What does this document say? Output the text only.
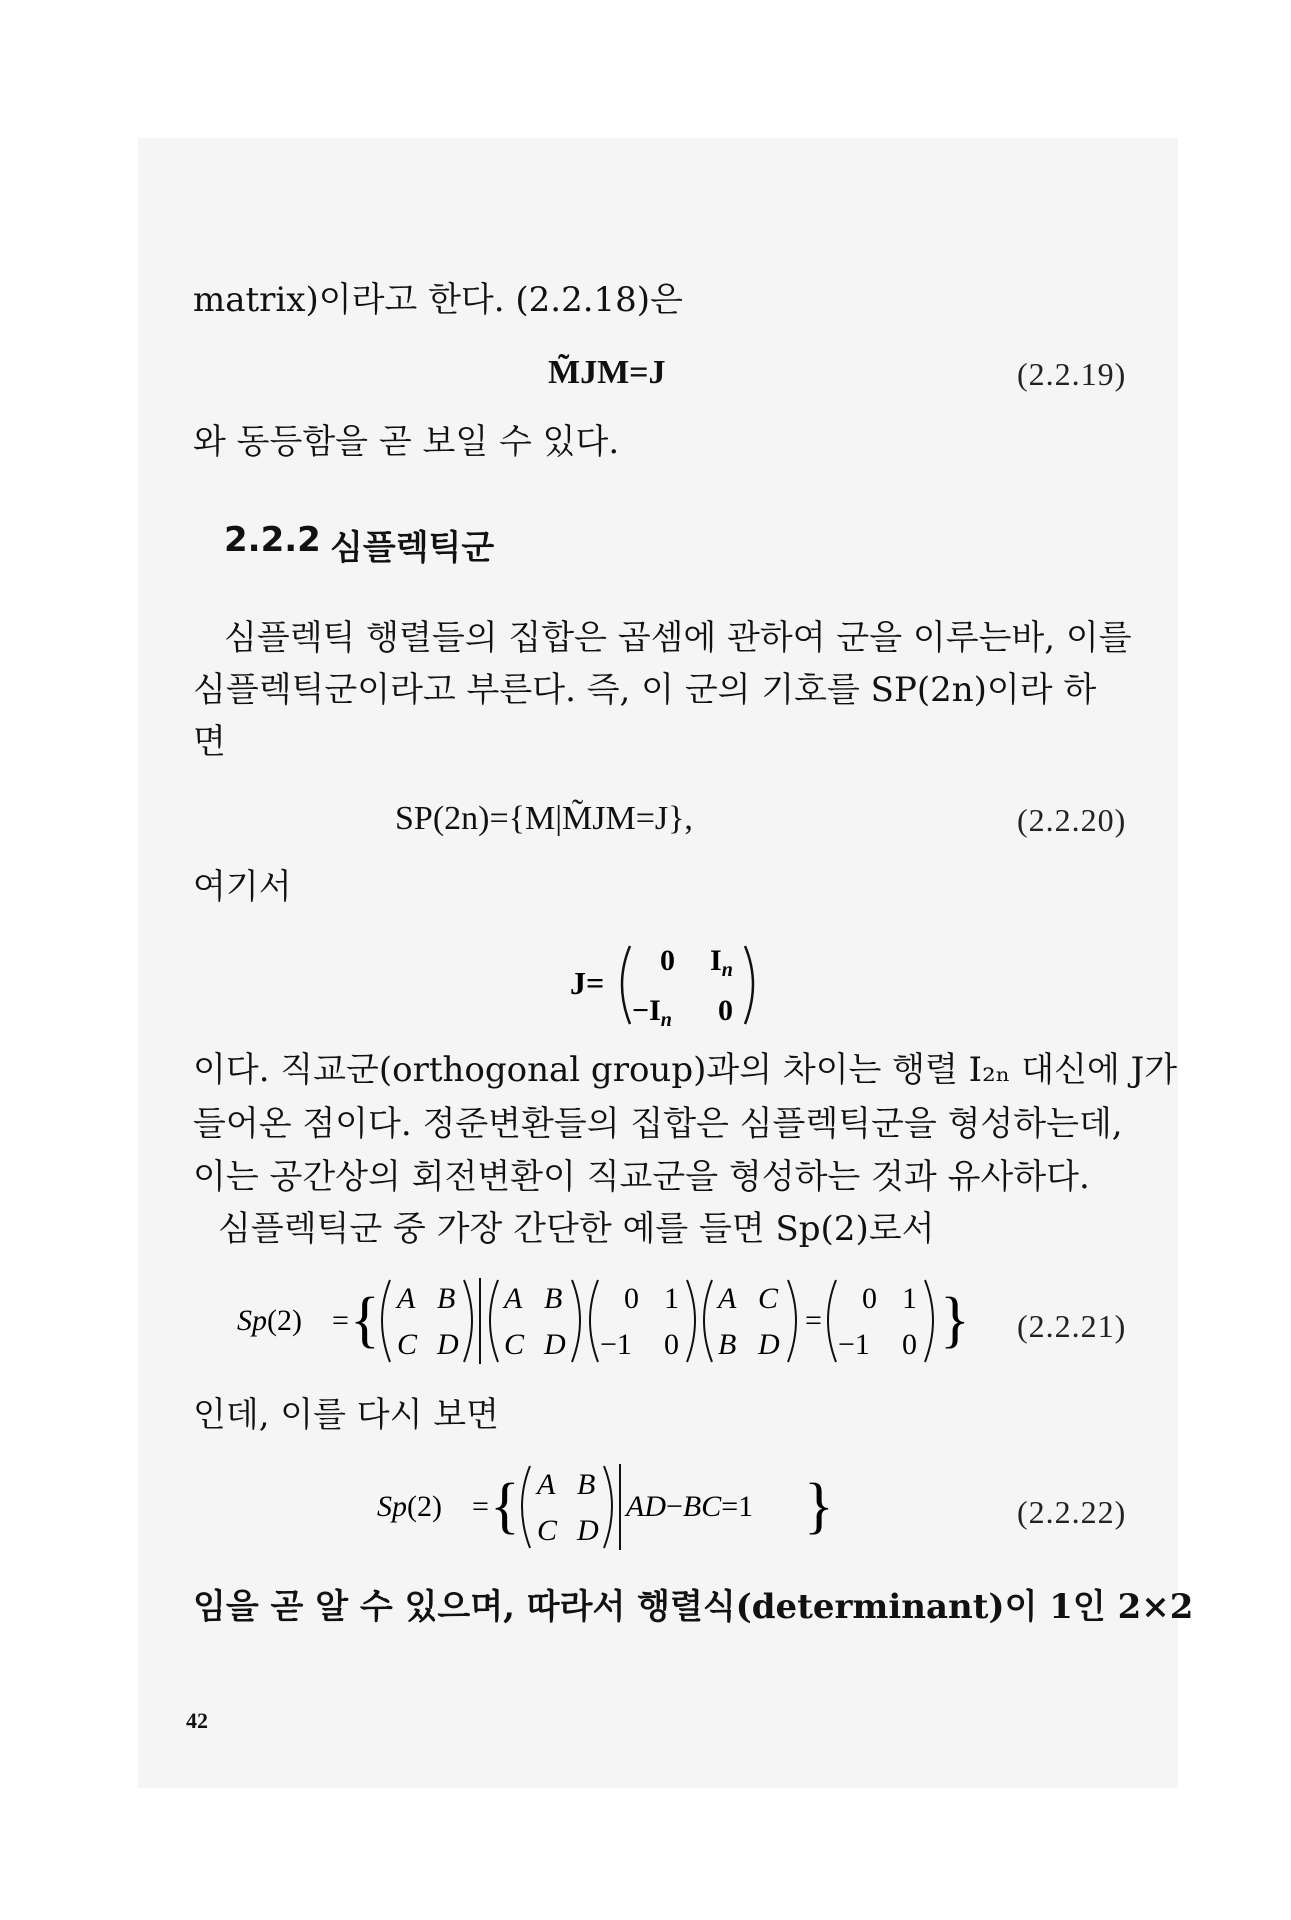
matrix)이라고 한다. (2.2.18)은
M̃JM=J	(2.2.19)
와 동등함을 곧 보일 수 있다.
2.2.2 심플렉틱군
심플렉틱 행렬들의 집합은 곱셈에 관하여 군을 이루는바, 이를
심플렉틱군이라고 부른다. 즉, 이 군의 기호를 SP(2n)이라 하
면
SP(2n)={M|M̃JM=J},	(2.2.20)
여기서
J=
0 $I_n$
$-I_n$ 0
이다. 직교군(orthogonal group)과의 차이는 행렬 I₂ₙ 대신에 J가
들어온 점이다. 정준변환들의 집합은 심플렉틱군을 형성하는데,
이는 공간상의 회전변환이 직교군을 형성하는 것과 유사하다.
심플렉틱군 중 가장 간단한 예를 들면 Sp(2)로서
Sp(2) = { A B
C D
A B
C D
0 1
−1 0
A C
B D
=
0 1
−1 0 } (2.2.21)
인데, 이를 다시 보면
Sp(2) = { A B
C D
AD−BC=1 }	(2.2.22)
임을 곧 알 수 있으며, 따라서 행렬식(determinant)이 1인 2×2
42
